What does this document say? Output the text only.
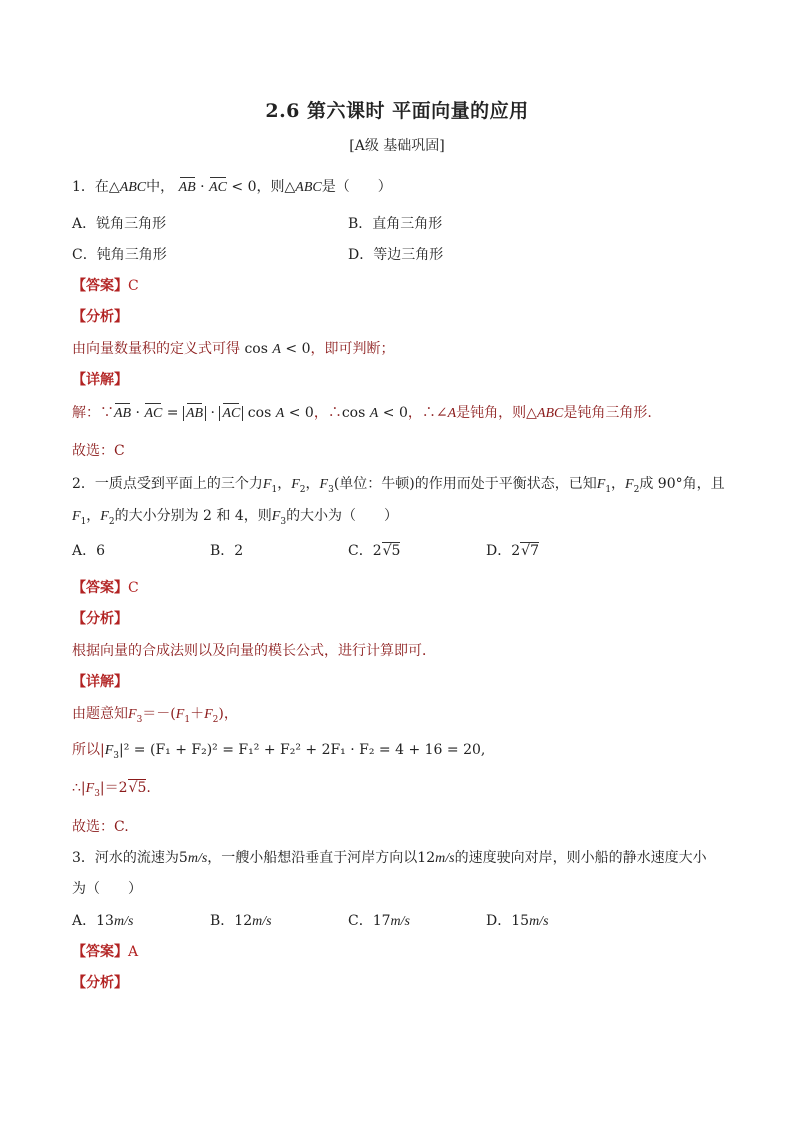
2.6 第六课时 平面向量的应用
[A级 基础巩固]
1．在△ABC中， AB · AC < 0，则△ABC是（　　）
A．锐角三角形	B．直角三角形
C．钝角三角形	D．等边三角形
【答案】C
【分析】
由向量数量积的定义式可得 cos A < 0，即可判断；
【详解】
解：∵AB · AC = AB · AC cos A < 0，∴cos A < 0，∴∠A是钝角，则△ABC是钝角三角形.
故选：C
2．一质点受到平面上的三个力$F_1$，$F_2$，$F_3$(单位：牛顿)的作用而处于平衡状态，已知$F_1$，$F_2$成 90°角，且
$F_1$，$F_2$的大小分别为 2 和 4，则$F_3$的大小为（　　）
A．6	B．2	C．2√5	D．2√7
【答案】C
【分析】
根据向量的合成法则以及向量的模长公式，进行计算即可．
【详解】
由题意知$F_3=-(F_1+F_2)$，
所以$|F_3|^2 = (F_1 + F_2)^2 = F_1^2 + F_2^2 + 2F_1 \cdot F_2 = 4 + 16 = 20$,
$\therefore|F_3|=2√5$.
故选：C.
3．河水的流速为5m/s，一艘小船想沿垂直于河岸方向以12m/s的速度驶向对岸，则小船的静水速度大小
为（　　）
A．13m/s	B．12m/s	C．17m/s	D．15m/s
【答案】A
【分析】
